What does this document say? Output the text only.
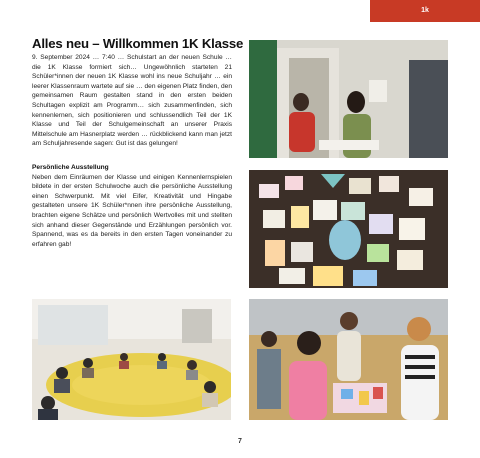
1k
Alles neu – Willkommen 1K Klasse

9. September 2024 … 7:40 … Schulstart an der neuen Schule … die 1K Klasse formiert sich… Ungewöhnlich starteten 21 Schüler*innen der neuen 1K Klasse wohl ins neue Schuljahr … ein leerer Klassenraum wartete auf sie … den eigenen Platz finden, den gemeinsamen Raum gestalten stand in den ersten beiden Schultagen explizit am Programm… sich zusammenfinden, sich kennenlernen, sich positionieren und schlussendlich Teil der 1K Klasse und Teil der Schulgemeinschaft an unserer Praxis Mittelschule am Hasnerplatz werden … rückblickend kann man jetzt am Schuljahresende sagen: Gut ist das gelungen!

Persönliche Ausstellung

Neben dem Einräumen der Klasse und einigen Kennenlernspielen bildete in der ersten Schulwoche auch die persönliche Ausstellung einen Schwerpunkt. Mit viel Eifer, Kreativität und Hingabe gestalteten unsere 1K Schüler*nnen ihre persönliche Ausstellung, brachten eigene Schätze und persönlich Wertvolles mit und stellten sich anhand dieser Gegenstände und Erzählungen persönlich vor. Spannend, was es da bereits in den ersten Tagen voneinander zu erfahren gab!

7
